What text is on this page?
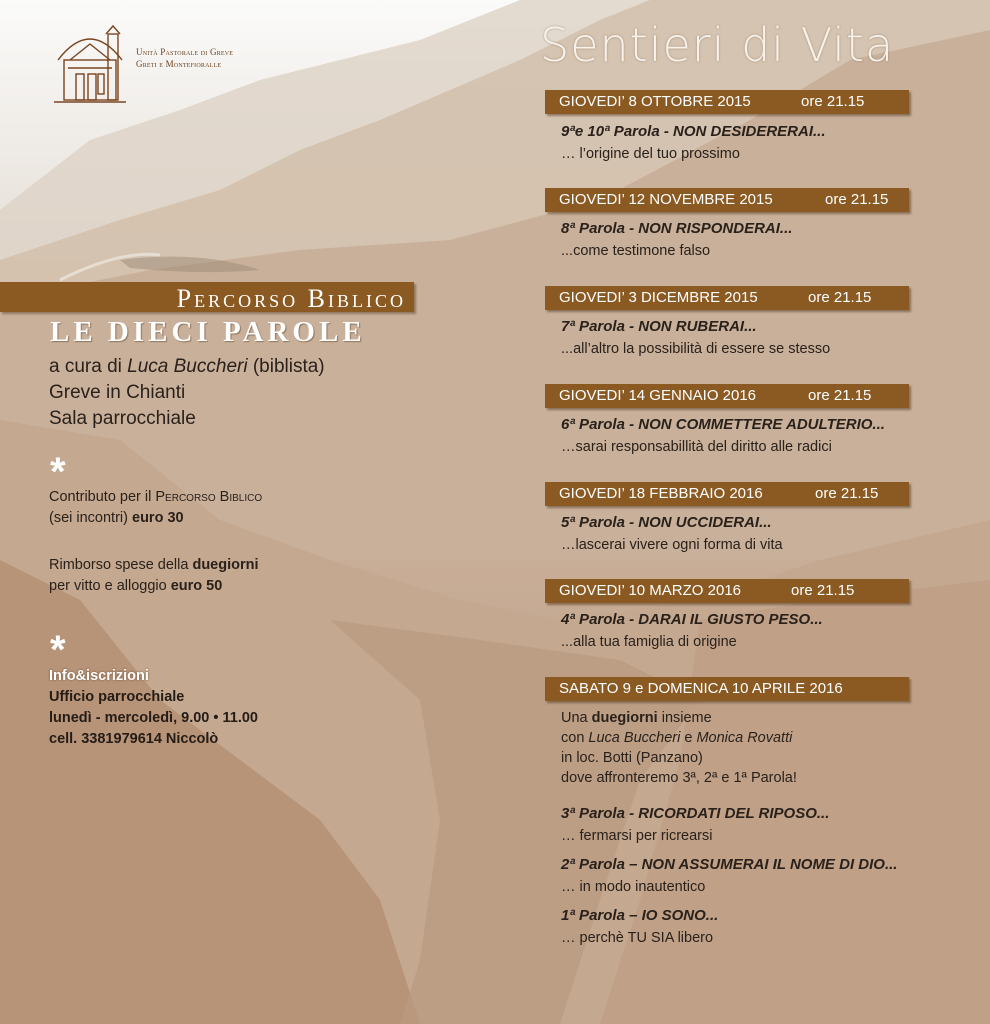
Unità Pastorale di Greve
Greti e Montefioralle	Sentieri di Vita
Percorso Biblico
LE DIECI PAROLE
a cura di Luca Buccheri (biblista)
Greve in Chianti
Sala parrocchiale
*
Contributo per il Percorso Biblico
(sei incontri) euro 30
Rimborso spese della duegiorni
per vitto e alloggio euro 50
*
Info&iscrizioni
Ufficio parrocchiale
lunedì - mercoledì, 9.00 • 11.00
cell. 3381979614 Niccolò
GIOVEDI’ 8 OTTOBRE 2015	ore 21.15
9ªe 10ª Parola - NON DESIDERERAI...
… l’origine del tuo prossimo
GIOVEDI’ 12 NOVEMBRE 2015	ore 21.15
8ª Parola - NON RISPONDERAI...
...come testimone falso
GIOVEDI’ 3 DICEMBRE 2015	ore 21.15
7ª Parola - NON RUBERAI...
...all’altro la possibilità di essere se stesso
GIOVEDI’ 14 GENNAIO 2016	ore 21.15
6ª Parola - NON COMMETTERE ADULTERIO...
…sarai responsabillità del diritto alle radici
GIOVEDI’ 18 FEBBRAIO 2016	ore 21.15
5ª Parola - NON UCCIDERAI...
…lascerai vivere ogni forma di vita
GIOVEDI’ 10 MARZO 2016	ore 21.15
4ª Parola - DARAI IL GIUSTO PESO...
...alla tua famiglia di origine
SABATO 9 e DOMENICA 10 APRILE 2016
Una duegiorni insieme
con Luca Buccheri e Monica Rovatti
in loc. Botti (Panzano)
dove affronteremo 3ª, 2ª e 1ª Parola!
3ª Parola - RICORDATI DEL RIPOSO...
… fermarsi per ricrearsi
2ª Parola – NON ASSUMERAI IL NOME DI DIO...
… in modo inautentico
1ª Parola – IO SONO...
… perchè TU SIA libero
